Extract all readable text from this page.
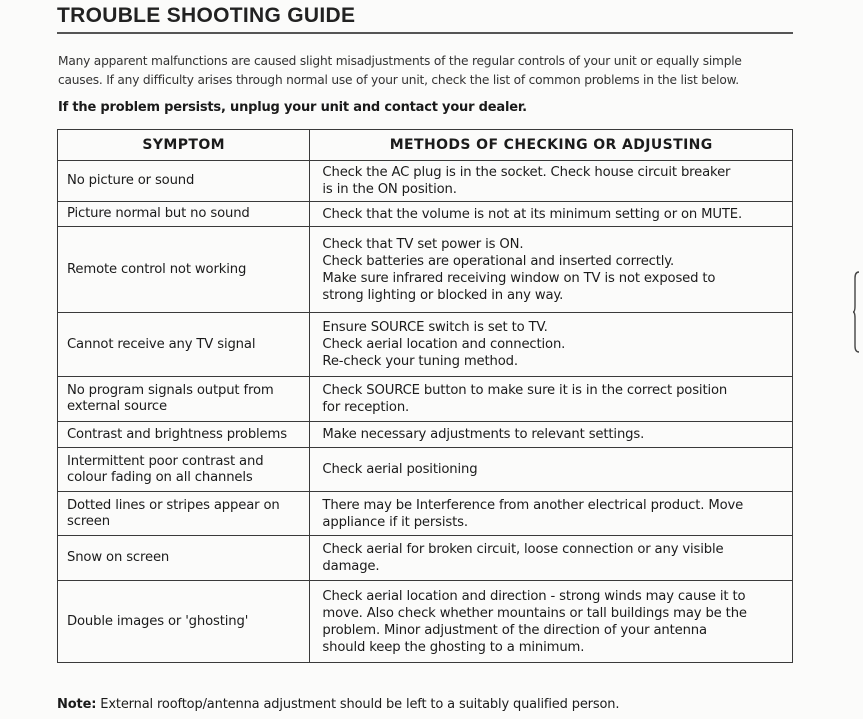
TROUBLE SHOOTING GUIDE
Many apparent malfunctions are caused slight misadjustments of the regular controls of your unit or equally simple
causes. If any difficulty arises through normal use of your unit, check the list of common problems in the list below.
If the problem persists, unplug your unit and contact your dealer.
SYMPTOM	METHODS OF CHECKING OR ADJUSTING

No picture or sound	Check the AC plug is in the socket. Check house circuit breaker
is in the ON position.

Picture normal but no sound	Check that the volume is not at its minimum setting or on MUTE.

Remote control not working	Check that TV set power is ON.
Check batteries are operational and inserted correctly.
Make sure infrared receiving window on TV is not exposed to
strong lighting or blocked in any way.

Cannot receive any TV signal	Ensure SOURCE switch is set to TV.
Check aerial location and connection.
Re-check your tuning method.

No program signals output from
external source	Check SOURCE button to make sure it is in the correct position
for reception.

Contrast and brightness problems	Make necessary adjustments to relevant settings.

Intermittent poor contrast and
colour fading on all channels	Check aerial positioning

Dotted lines or stripes appear on
screen	There may be Interference from another electrical product. Move
appliance if it persists.

Snow on screen	Check aerial for broken circuit, loose connection or any visible
damage.

Double images or 'ghosting'	Check aerial location and direction - strong winds may cause it to
move. Also check whether mountains or tall buildings may be the
problem. Minor adjustment of the direction of your antenna
should keep the ghosting to a minimum.
Note: External rooftop/antenna adjustment should be left to a suitably qualified person.
